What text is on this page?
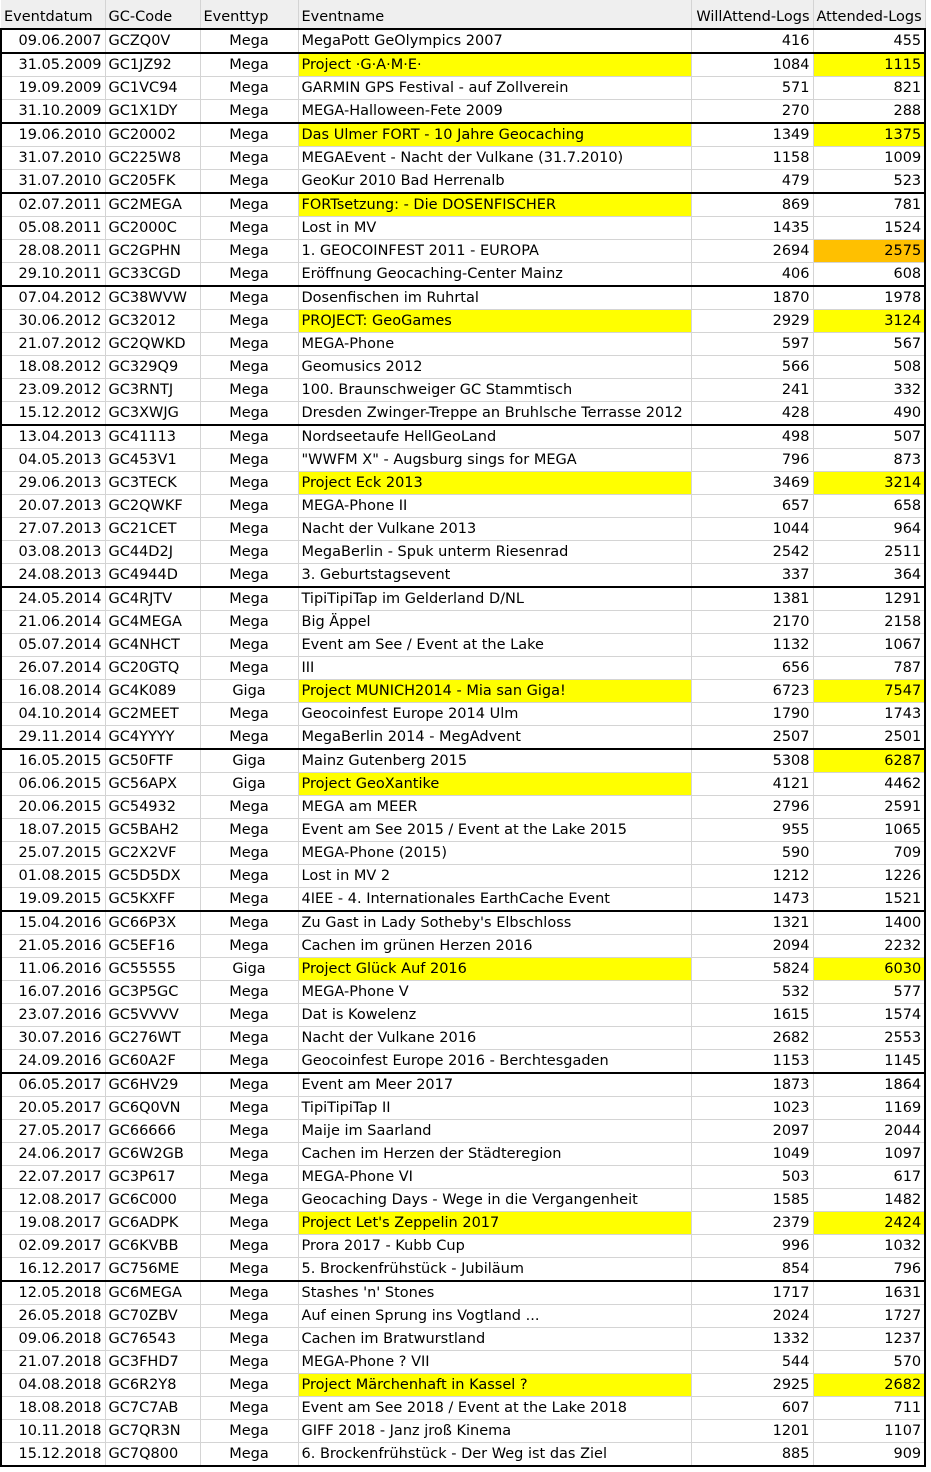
Eventdatum	GC-Code	Eventtyp	Eventname	WillAttend-Logs	Attended-Logs
09.06.2007	GCZQ0V	Mega	MegaPott GeOlympics 2007	416	455
31.05.2009	GC1JZ92	Mega	Project ·G·A·M·E·	1084	1115
19.09.2009	GC1VC94	Mega	GARMIN GPS Festival - auf Zollverein	571	821
31.10.2009	GC1X1DY	Mega	MEGA-Halloween-Fete 2009	270	288
19.06.2010	GC20002	Mega	Das Ulmer FORT - 10 Jahre Geocaching	1349	1375
31.07.2010	GC225W8	Mega	MEGAEvent - Nacht der Vulkane (31.7.2010)	1158	1009
31.07.2010	GC205FK	Mega	GeoKur 2010 Bad Herrenalb	479	523
02.07.2011	GC2MEGA	Mega	FORTsetzung: - Die DOSENFISCHER	869	781
05.08.2011	GC2000C	Mega	Lost in MV	1435	1524
28.08.2011	GC2GPHN	Mega	1. GEOCOINFEST 2011 - EUROPA	2694	2575
29.10.2011	GC33CGD	Mega	Eröffnung Geocaching-Center Mainz	406	608
07.04.2012	GC38WVW	Mega	Dosenfischen im Ruhrtal	1870	1978
30.06.2012	GC32012	Mega	PROJECT: GeoGames	2929	3124
21.07.2012	GC2QWKD	Mega	MEGA-Phone	597	567
18.08.2012	GC329Q9	Mega	Geomusics 2012	566	508
23.09.2012	GC3RNTJ	Mega	100. Braunschweiger GC Stammtisch	241	332
15.12.2012	GC3XWJG	Mega	Dresden Zwinger-Treppe an Bruhlsche Terrasse 2012	428	490
13.04.2013	GC41113	Mega	Nordseetaufe HellGeoLand	498	507
04.05.2013	GC453V1	Mega	"WWFM X" - Augsburg sings for MEGA	796	873
29.06.2013	GC3TECK	Mega	Project Eck 2013	3469	3214
20.07.2013	GC2QWKF	Mega	MEGA-Phone II	657	658
27.07.2013	GC21CET	Mega	Nacht der Vulkane 2013	1044	964
03.08.2013	GC44D2J	Mega	MegaBerlin - Spuk unterm Riesenrad	2542	2511
24.08.2013	GC4944D	Mega	3. Geburtstagsevent	337	364
24.05.2014	GC4RJTV	Mega	TipiTipiTap im Gelderland D/NL	1381	1291
21.06.2014	GC4MEGA	Mega	Big Äppel	2170	2158
05.07.2014	GC4NHCT	Mega	Event am See / Event at the Lake	1132	1067
26.07.2014	GC20GTQ	Mega	III	656	787
16.08.2014	GC4K089	Giga	Project MUNICH2014 - Mia san Giga!	6723	7547
04.10.2014	GC2MEET	Mega	Geocoinfest Europe 2014 Ulm	1790	1743
29.11.2014	GC4YYYY	Mega	MegaBerlin 2014 - MegAdvent	2507	2501
16.05.2015	GC50FTF	Giga	Mainz Gutenberg 2015	5308	6287
06.06.2015	GC56APX	Giga	Project GeoXantike	4121	4462
20.06.2015	GC54932	Mega	MEGA am MEER	2796	2591
18.07.2015	GC5BAH2	Mega	Event am See 2015 / Event at the Lake 2015	955	1065
25.07.2015	GC2X2VF	Mega	MEGA-Phone (2015)	590	709
01.08.2015	GC5D5DX	Mega	Lost in MV 2	1212	1226
19.09.2015	GC5KXFF	Mega	4IEE - 4. Internationales EarthCache Event	1473	1521
15.04.2016	GC66P3X	Mega	Zu Gast in Lady Sotheby's Elbschloss	1321	1400
21.05.2016	GC5EF16	Mega	Cachen im grünen Herzen 2016	2094	2232
11.06.2016	GC55555	Giga	Project Glück Auf 2016	5824	6030
16.07.2016	GC3P5GC	Mega	MEGA-Phone V	532	577
23.07.2016	GC5VVVV	Mega	Dat is Kowelenz	1615	1574
30.07.2016	GC276WT	Mega	Nacht der Vulkane 2016	2682	2553
24.09.2016	GC60A2F	Mega	Geocoinfest Europe 2016 - Berchtesgaden	1153	1145
06.05.2017	GC6HV29	Mega	Event am Meer 2017	1873	1864
20.05.2017	GC6Q0VN	Mega	TipiTipiTap II	1023	1169
27.05.2017	GC66666	Mega	Maije im Saarland	2097	2044
24.06.2017	GC6W2GB	Mega	Cachen im Herzen der Städteregion	1049	1097
22.07.2017	GC3P617	Mega	MEGA-Phone VI	503	617
12.08.2017	GC6C000	Mega	Geocaching Days - Wege in die Vergangenheit	1585	1482
19.08.2017	GC6ADPK	Mega	Project Let's Zeppelin 2017	2379	2424
02.09.2017	GC6KVBB	Mega	Prora 2017 - Kubb Cup	996	1032
16.12.2017	GC756ME	Mega	5. Brockenfrühstück - Jubiläum	854	796
12.05.2018	GC6MEGA	Mega	Stashes 'n' Stones	1717	1631
26.05.2018	GC70ZBV	Mega	Auf einen Sprung ins Vogtland ...	2024	1727
09.06.2018	GC76543	Mega	Cachen im Bratwurstland	1332	1237
21.07.2018	GC3FHD7	Mega	MEGA-Phone ? VII	544	570
04.08.2018	GC6R2Y8	Mega	Project Märchenhaft in Kassel ?	2925	2682
18.08.2018	GC7C7AB	Mega	Event am See 2018 / Event at the Lake 2018	607	711
10.11.2018	GC7QR3N	Mega	GIFF 2018 - Janz jroß Kinema	1201	1107
15.12.2018	GC7Q800	Mega	6. Brockenfrühstück - Der Weg ist das Ziel	885	909
